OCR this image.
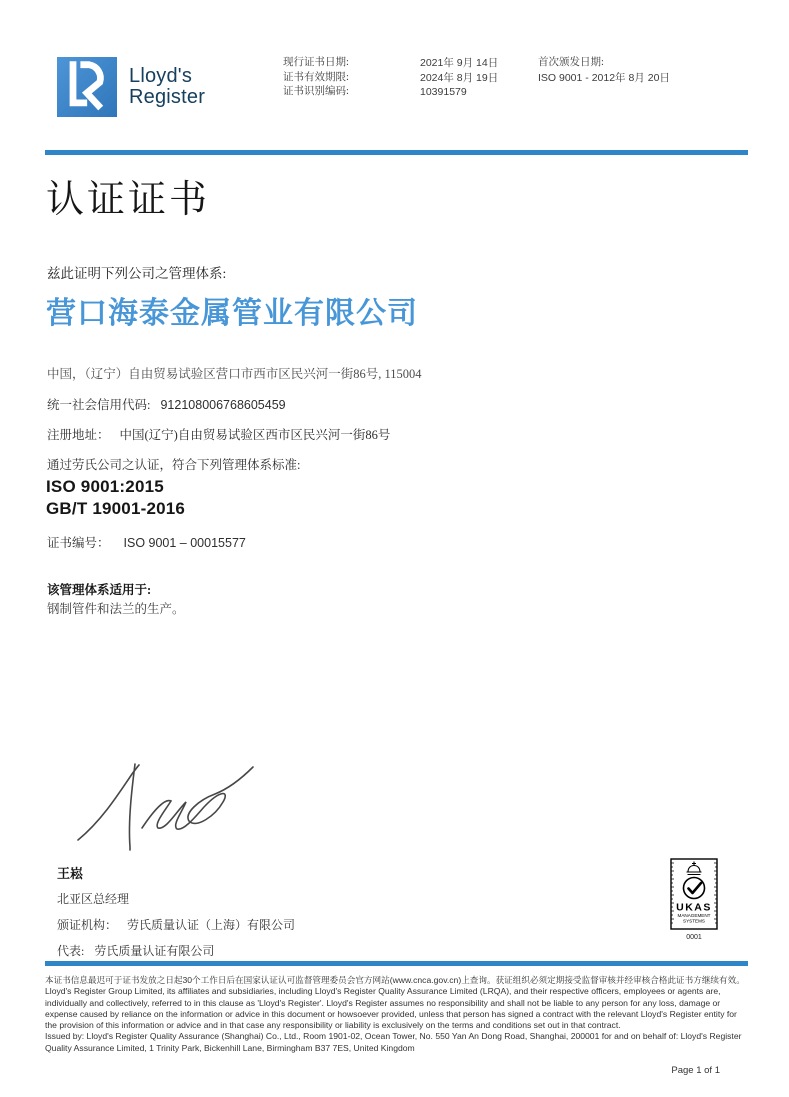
Lloyd's
Register
现行证书日期:	2021年 9月 14日
证书有效期限:	2024年 8月 19日
证书识别编码:	10391579
首次颁发日期:
ISO 9001 - 2012年 8月 20日
认证证书
兹此证明下列公司之管理体系:
营口海泰金属管业有限公司
中国，（辽宁）自由贸易试验区营口市西市区民兴河一街86号, 115004
统一社会信用代码: 912108006768605459
注册地址： 中国(辽宁)自由贸易试验区西市区民兴河一街86号
通过劳氏公司之认证，符合下列管理体系标准:
ISO 9001:2015
GB/T 19001-2016
证书编号： ISO 9001 – 00015577
该管理体系适用于:
钢制管件和法兰的生产。
王崧
北亚区总经理
颁证机构： 劳氏质量认证（上海）有限公司
代表: 劳氏质量认证有限公司
UKAS
MANAGEMENT
SYSTEMS
0001

本证书信息最迟可于证书发放之日起30个工作日后在国家认证认可监督管理委员会官方网站(www.cnca.gov.cn)上查询。获证组织必须定期接受监督审核并经审核合格此证书方继续有效。

Lloyd's Register Group Limited, its affiliates and subsidiaries, including Lloyd's Register Quality Assurance Limited (LRQA), and their respective officers, employees or agents are, individually and collectively, referred to in this clause as 'Lloyd's Register'. Lloyd's Register assumes no responsibility and shall not be liable to any person for any loss, damage or expense caused by reliance on the information or advice in this document or howsoever provided, unless that person has signed a contract with the relevant Lloyd's Register entity for the provision of this information or advice and in that case any responsibility or liability is exclusively on the terms and conditions set out in that contract.

Issued by: Lloyd's Register Quality Assurance (Shanghai) Co., Ltd., Room 1901-02, Ocean Tower, No. 550 Yan An Dong Road, Shanghai, 200001 for and on behalf of: Lloyd's Register Quality Assurance Limited, 1 Trinity Park, Bickenhill Lane, Birmingham B37 7ES, United Kingdom

Page 1 of 1
